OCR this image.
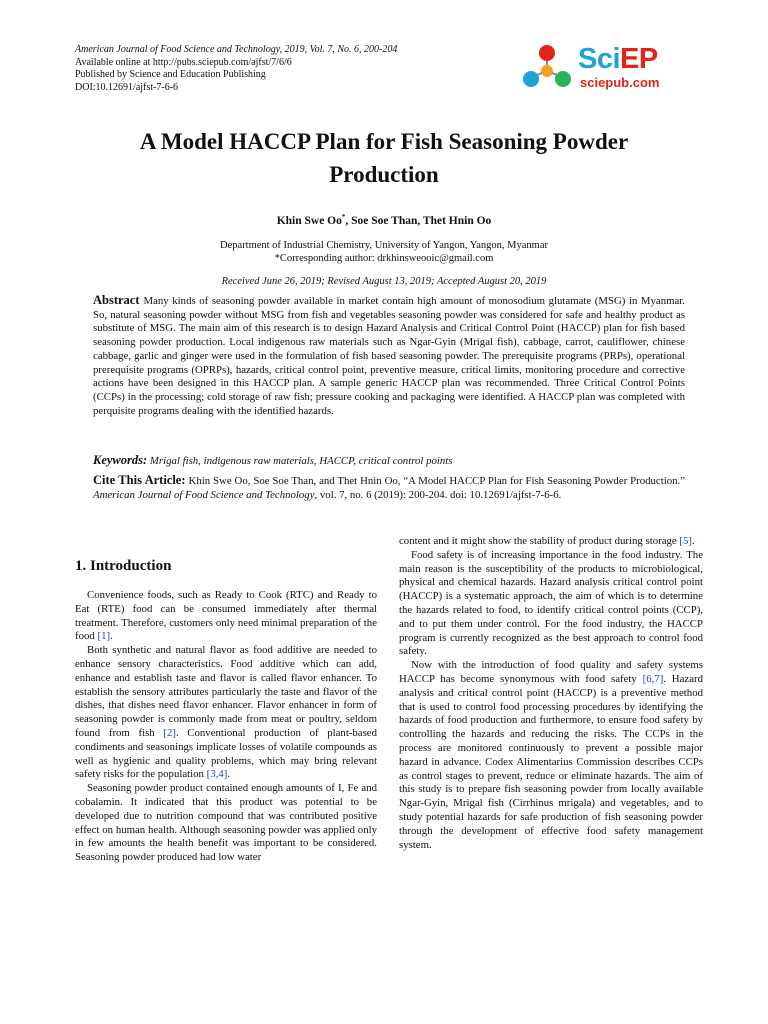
American Journal of Food Science and Technology, 2019, Vol. 7, No. 6, 200-204
Available online at http://pubs.sciepub.com/ajfst/7/6/6
Published by Science and Education Publishing
DOI:10.12691/ajfst-7-6-6
SciEP
sciepub.com
A Model HACCP Plan for Fish Seasoning Powder
Production
Khin Swe Oo*, Soe Soe Than, Thet Hnin Oo
Department of Industrial Chemistry, University of Yangon, Yangon, Myanmar
*Corresponding author: drkhinsweooic@gmail.com
Received June 26, 2019; Revised August 13, 2019; Accepted August 20, 2019
Abstract Many kinds of seasoning powder available in market contain high amount of monosodium glutamate (MSG) in Myanmar. So, natural seasoning powder without MSG from fish and vegetables seasoning powder was considered for safe and healthy product as substitute of MSG. The main aim of this research is to design Hazard Analysis and Critical Control Point (HACCP) plan for fish based seasoning powder production. Local indigenous raw materials such as Ngar-Gyin (Mrigal fish), cabbage, carrot, cauliflower, chinese cabbage, garlic and ginger were used in the formulation of fish based seasoning powder. The prerequisite programs (PRPs), operational prerequisite programs (OPRPs), hazards, critical control point, preventive measure, critical limits, monitoring procedure and corrective actions have been designed in this HACCP plan. A sample generic HACCP plan was recommended. Three Critical Control Points (CCPs) in the processing; cold storage of raw fish; pressure cooking and packaging were identified. A HACCP plan was completed with perquisite programs dealing with the identified hazards.
Keywords: Mrigal fish, indigenous raw materials, HACCP, critical control points
Cite This Article: Khin Swe Oo, Soe Soe Than, and Thet Hnin Oo, “A Model HACCP Plan for Fish Seasoning Powder Production.” American Journal of Food Science and Technology, vol. 7, no. 6 (2019): 200-204. doi: 10.12691/ajfst-7-6-6.
1. Introduction

Convenience foods, such as Ready to Cook (RTC) and Ready to Eat (RTE) food can be consumed immediately after thermal treatment. Therefore, customers only need minimal preparation of the food [1].

Both synthetic and natural flavor as food additive are needed to enhance sensory characteristics. Food additive which can add, enhance and establish taste and flavor is called flavor enhancer. To establish the sensory attributes particularly the taste and flavor of the dishes, that dishes need flavor enhancer. Flavor enhancer in form of seasoning powder is commonly made from meat or poultry, seldom found from fish [2]. Conventional production of plant-based condiments and seasonings implicate losses of volatile compounds as well as hygienic and quality problems, which may bring relevant safety risks for the population [3,4].

Seasoning powder product contained enough amounts of I, Fe and cobalamin. It indicated that this product was potential to be developed due to nutrition compound that was contributed positive effect on human health. Although seasoning powder was applied only in few amounts the health benefit was important to be considered. Seasoning powder produced had low water

content and it might show the stability of product during storage [5].

Food safety is of increasing importance in the food industry. The main reason is the susceptibility of the products to microbiological, physical and chemical hazards. Hazard analysis critical control point (HACCP) is a systematic approach, the aim of which is to determine the hazards related to food, to identify critical control points (CCP), and to put them under control. For the food industry, the HACCP program is currently recognized as the best approach to control food safety.

Now with the introduction of food quality and safety systems HACCP has become synonymous with food safety [6,7]. Hazard analysis and critical control point (HACCP) is a preventive method that is used to control food processing procedures by identifying the hazards of food production and furthermore, to ensure food safety by controlling the hazards and reducing the risks. The CCPs in the process are monitored continuously to prevent a possible major hazard in advance. Codex Alimentarius Commission describes CCPs as control stages to prevent, reduce or eliminate hazards. The aim of this study is to prepare fish seasoning powder from locally available Ngar-Gyin, Mrigal fish (Cirrhinus mrigala) and vegetables, and to study potential hazards for safe production of fish seasoning powder through the development of effective food safety management system.
